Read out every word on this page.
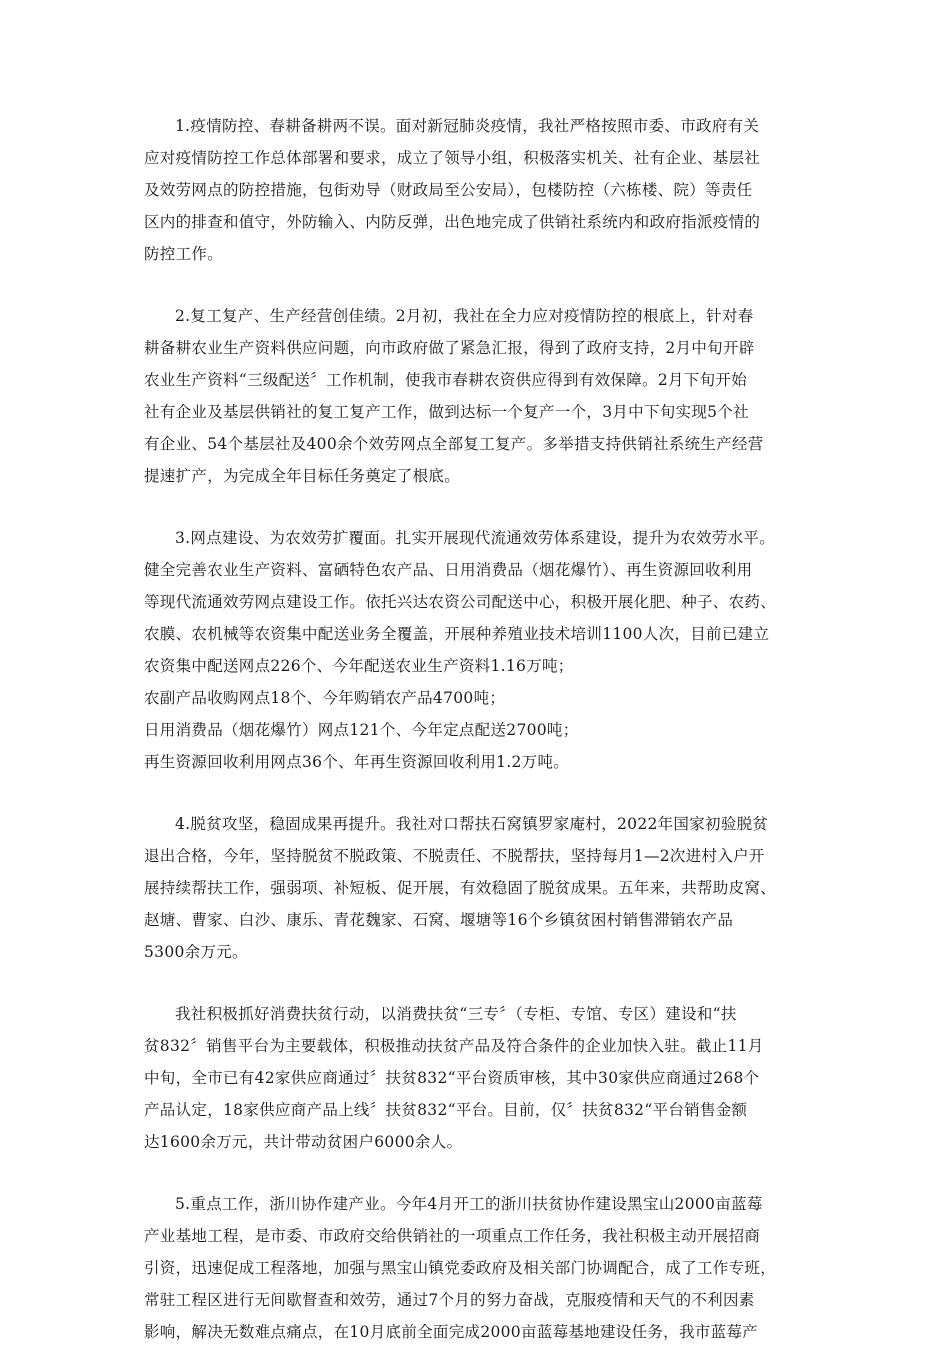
1.疫情防控、春耕备耕两不误。面对新冠肺炎疫情，我社严格按照市委、市政府有关
应对疫情防控工作总体部署和要求，成立了领导小组，积极落实机关、社有企业、基层社
及效劳网点的防控措施，包街劝导（财政局至公安局），包楼防控（六栋楼、院）等责任
区内的排查和值守，外防输入、内防反弹，出色地完成了供销社系统内和政府指派疫情的
防控工作。
2.复工复产、生产经营创佳绩。2月初，我社在全力应对疫情防控的根底上，针对春
耕备耕农业生产资料供应问题，向市政府做了紧急汇报，得到了政府支持，2月中旬开辟
农业生产资料“三级配送〞工作机制，使我市春耕农资供应得到有效保障。2月下旬开始
社有企业及基层供销社的复工复产工作，做到达标一个复产一个，3月中下旬实现5个社
有企业、54个基层社及400余个效劳网点全部复工复产。多举措支持供销社系统生产经营
提速扩产，为完成全年目标任务奠定了根底。
3.网点建设、为农效劳扩覆面。扎实开展现代流通效劳体系建设，提升为农效劳水平。
健全完善农业生产资料、富硒特色农产品、日用消费品（烟花爆竹）、再生资源回收利用
等现代流通效劳网点建设工作。依托兴达农资公司配送中心，积极开展化肥、种子、农药、
农膜、农机械等农资集中配送业务全覆盖，开展种养殖业技术培训1100人次，目前已建立
农资集中配送网点226个、今年配送农业生产资料1.16万吨；
农副产品收购网点18个、今年购销农产品4700吨；
日用消费品（烟花爆竹）网点121个、今年定点配送2700吨；
再生资源回收利用网点36个、年再生资源回收利用1.2万吨。
4.脱贫攻坚，稳固成果再提升。我社对口帮扶石窝镇罗家庵村，2022年国家初验脱贫
退出合格，今年，坚持脱贫不脱政策、不脱责任、不脱帮扶，坚持每月1—2次进村入户开
展持续帮扶工作，强弱项、补短板、促开展，有效稳固了脱贫成果。五年来，共帮助皮窝、
赵塘、曹家、白沙、康乐、青花魏家、石窝、堰塘等16个乡镇贫困村销售滞销农产品
5300余万元。
我社积极抓好消费扶贫行动，以消费扶贫“三专〞（专柜、专馆、专区）建设和“扶
贫832〞销售平台为主要载体，积极推动扶贫产品及符合条件的企业加快入驻。截止11月
中旬，全市已有42家供应商通过〞扶贫832“平台资质审核，其中30家供应商通过268个
产品认定，18家供应商产品上线〞扶贫832“平台。目前，仅〞扶贫832“平台销售金额
达1600余万元，共计带动贫困户6000余人。
5.重点工作，浙川协作建产业。今年4月开工的浙川扶贫协作建设黑宝山2000亩蓝莓
产业基地工程，是市委、市政府交给供销社的一项重点工作任务，我社积极主动开展招商
引资，迅速促成工程落地，加强与黑宝山镇党委政府及相关部门协调配合，成了工作专班，
常驻工程区进行无间歇督查和效劳，通过7个月的努力奋战，克服疫情和天气的不利因素
影响，解决无数难点痛点，在10月底前全面完成2000亩蓝莓基地建设任务，我市蓝莓产
